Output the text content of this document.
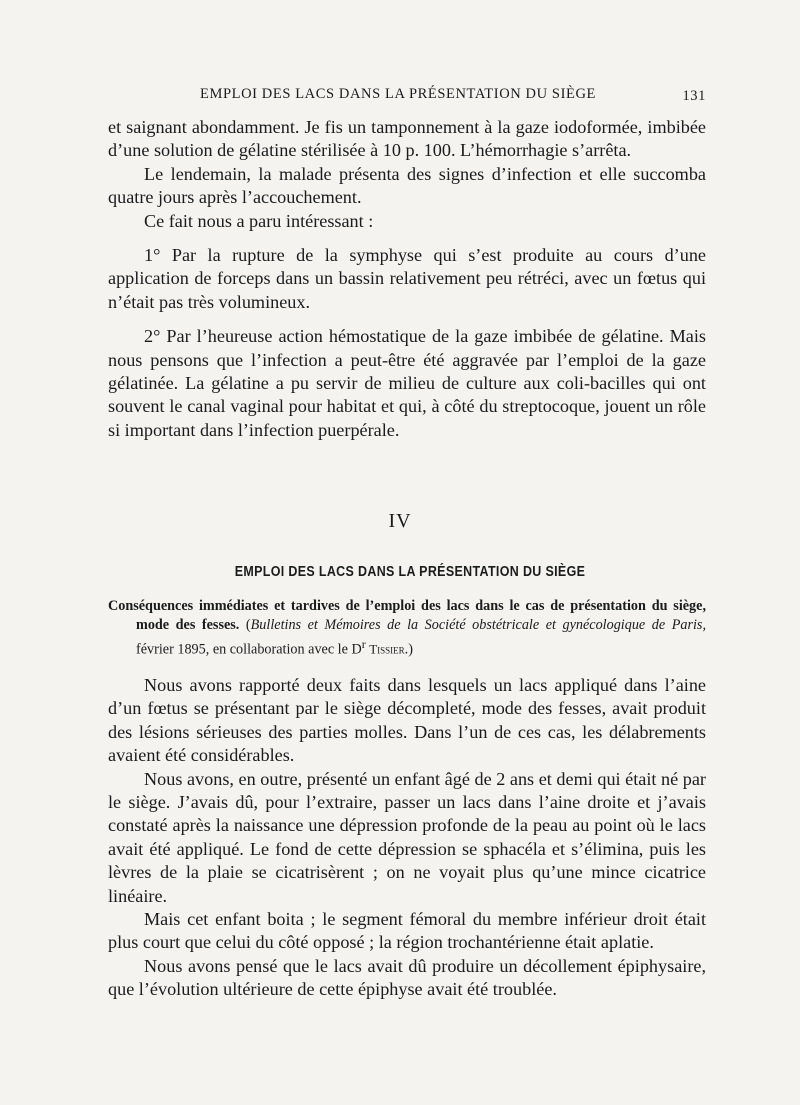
EMPLOI DES LACS DANS LA PRÉSENTATION DU SIÈGE	131

et saignant abondamment. Je fis un tamponnement à la gaze iodoformée, imbibée d’une solution de gélatine stérilisée à 10 p. 100. L’hémorrhagie s’arrêta.

Le lendemain, la malade présenta des signes d’infection et elle succomba quatre jours après l’accouchement.

Ce fait nous a paru intéressant :

1° Par la rupture de la symphyse qui s’est produite au cours d’une application de forceps dans un bassin relativement peu rétréci, avec un fœtus qui n’était pas très volumineux.

2° Par l’heureuse action hémostatique de la gaze imbibée de gélatine. Mais nous pensons que l’infection a peut-être été aggravée par l’emploi de la gaze gélatinée. La gélatine a pu servir de milieu de culture aux coli-bacilles qui ont souvent le canal vaginal pour habitat et qui, à côté du streptocoque, jouent un rôle si important dans l’infection puerpérale.

IV
EMPLOI DES LACS DANS LA PRÉSENTATION DU SIÈGE
Conséquences immédiates et tardives de l’emploi des lacs dans le cas de présentation du siège, mode des fesses. (Bulletins et Mémoires de la Société obstétricale et gynécologique de Paris, février 1895, en collaboration avec le $D^r$ Tissier.)

Nous avons rapporté deux faits dans lesquels un lacs appliqué dans l’aine d’un fœtus se présentant par le siège décompleté, mode des fesses, avait produit des lésions sérieuses des parties molles. Dans l’un de ces cas, les délabrements avaient été considérables.

Nous avons, en outre, présenté un enfant âgé de 2 ans et demi qui était né par le siège. J’avais dû, pour l’extraire, passer un lacs dans l’aine droite et j’avais constaté après la naissance une dépression profonde de la peau au point où le lacs avait été appliqué. Le fond de cette dépression se sphacéla et s’élimina, puis les lèvres de la plaie se cicatrisèrent ; on ne voyait plus qu’une mince cicatrice linéaire.

Mais cet enfant boita ; le segment fémoral du membre inférieur droit était plus court que celui du côté opposé ; la région trochantérienne était aplatie.

Nous avons pensé que le lacs avait dû produire un décollement épiphysaire, que l’évolution ultérieure de cette épiphyse avait été troublée.
